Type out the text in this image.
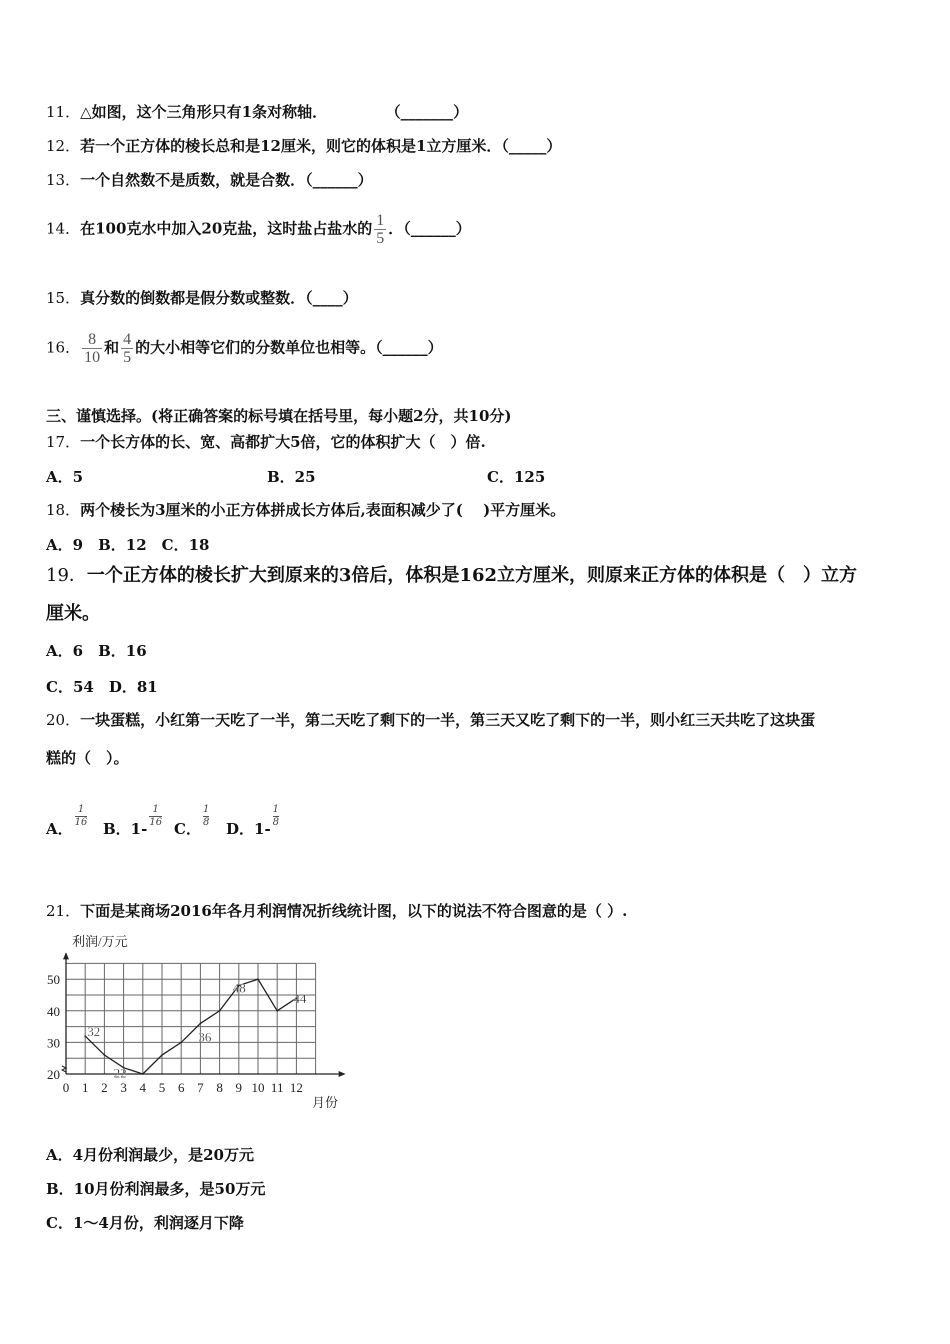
11．△如图，这个三角形只有1条对称轴．	（_______）
12．若一个正方体的棱长总和是12厘米，则它的体积是1立方厘米．（_____）
13．一个自然数不是质数，就是合数．（______）
14．在100克水中加入20克盐，这时盐占盐水的 $\frac{1}{5}$ ．（______）
15．真分数的倒数都是假分数或整数．（____）
16． $\frac{8}{10}$ 和 $\frac{4}{5}$ 的大小相等它们的分数单位也相等。（______）
三、谨慎选择。(将正确答案的标号填在括号里，每小题2分，共10分)
17．一个长方体的长、宽、高都扩大5倍，它的体积扩大（　）倍.
A．5	B．25	C．125
18．两个棱长为3厘米的小正方体拼成长方体后,表面积减少了(　 )平方厘米。
A．9　B．12　C．18
19．一个正方体的棱长扩大到原来的3倍后，体积是162立方厘米，则原来正方体的体积是（　）立方
厘米。
A．6　B．16
C．54　D．81
20．一块蛋糕，小红第一天吃了一半，第二天吃了剩下的一半，第三天又吃了剩下的一半，则小红三天共吃了这块蛋
糕的（　）。
A． $\frac{1}{16}$ B．$1- \frac{1}{16}$ C． $\frac{1}{8}$ D．$1- \frac{1}{8}$
21．下面是某商场2016年各月利润情况折线统计图，以下的说法不符合图意的是（ ）.
0 1 2 3 4 5 6 7 8 9 10 11 12
20
30
40
50
32
22
36
48
44
利润/万元
月份
A．4月份利润最少，是20万元
B．10月份利润最多，是50万元
C．1～4月份，利润逐月下降
